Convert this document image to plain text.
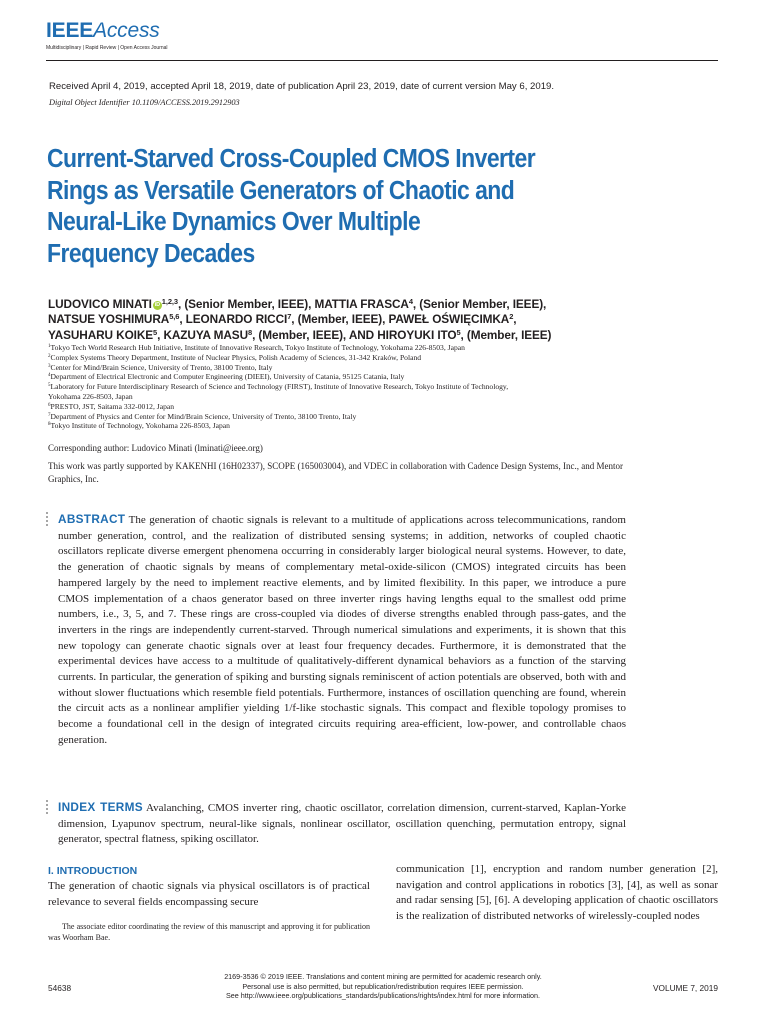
IEEEAccess
Multidisciplinary | Rapid Review | Open Access Journal
Received April 4, 2019, accepted April 18, 2019, date of publication April 23, 2019, date of current version May 6, 2019.
Digital Object Identifier 10.1109/ACCESS.2019.2912903
Current-Starved Cross-Coupled CMOS Inverter
Rings as Versatile Generators of Chaotic and
Neural-Like Dynamics Over Multiple
Frequency Decades
LUDOVICO MINATI iD $^{1,2,3}$, (Senior Member, IEEE), MATTIA FRASCA$^4$, (Senior Member, IEEE),
NATSUE YOSHIMURA$^{5,6}$, LEONARDO RICCI$^7$, (Member, IEEE), PAWEŁ OŚWIĘCIMKA$^2$,
YASUHARU KOIKE$^5$, KAZUYA MASU$^8$, (Member, IEEE), AND HIROYUKI ITO$^5$, (Member, IEEE)
$^1$Tokyo Tech World Research Hub Initiative, Institute of Innovative Research, Tokyo Institute of Technology, Yokohama 226-8503, Japan
$^2$Complex Systems Theory Department, Institute of Nuclear Physics, Polish Academy of Sciences, 31-342 Kraków, Poland
$^3$Center for Mind/Brain Science, University of Trento, 38100 Trento, Italy
$^4$Department of Electrical Electronic and Computer Engineering (DIEEI), University of Catania, 95125 Catania, Italy
$^5$Laboratory for Future Interdisciplinary Research of Science and Technology (FIRST), Institute of Innovative Research, Tokyo Institute of Technology,
Yokohama 226-8503, Japan
$^6$PRESTO, JST, Saitama 332-0012, Japan
$^7$Department of Physics and Center for Mind/Brain Science, University of Trento, 38100 Trento, Italy
$^8$Tokyo Institute of Technology, Yokohama 226-8503, Japan
Corresponding author: Ludovico Minati (lminati@ieee.org)
This work was partly supported by KAKENHI (16H02337), SCOPE (165003004), and VDEC in collaboration with Cadence Design Systems, Inc., and Mentor Graphics, Inc.
ABSTRACT The generation of chaotic signals is relevant to a multitude of applications across telecommunications, random number generation, control, and the realization of distributed sensing systems; in addition, networks of coupled chaotic oscillators replicate diverse emergent phenomena occurring in considerably larger biological neural systems. However, to date, the generation of chaotic signals by means of complementary metal-oxide-silicon (CMOS) integrated circuits has been hampered largely by the need to implement reactive elements, and by limited flexibility. In this paper, we introduce a pure CMOS implementation of a chaos generator based on three inverter rings having lengths equal to the smallest odd prime numbers, i.e., 3, 5, and 7. These rings are cross-coupled via diodes of diverse strengths enabled through pass-gates, and the inverters in the rings are independently current-starved. Through numerical simulations and experiments, it is shown that this new topology can generate chaotic signals over at least four frequency decades. Furthermore, it is demonstrated that the experimental devices have access to a multitude of qualitatively-different dynamical behaviors as a function of the starving currents. In particular, the generation of spiking and bursting signals reminiscent of action potentials are observed, both with and without slower fluctuations which resemble field potentials. Furthermore, instances of oscillation quenching are found, wherein the circuit acts as a nonlinear amplifier yielding 1/f-like stochastic signals. This compact and flexible topology promises to become a foundational cell in the design of integrated circuits requiring area-efficient, low-power, and controllable chaos generation.
INDEX TERMS Avalanching, CMOS inverter ring, chaotic oscillator, correlation dimension, current-starved, Kaplan-Yorke dimension, Lyapunov spectrum, neural-like signals, nonlinear oscillator, oscillation quenching, permutation entropy, signal generator, spectral flatness, spiking oscillator.
I. INTRODUCTION
The generation of chaotic signals via physical oscillators is of practical relevance to several fields encompassing secure
The associate editor coordinating the review of this manuscript and approving it for publication was Woorham Bae.
communication [1], encryption and random number generation [2], navigation and control applications in robotics [3], [4], as well as sonar and radar sensing [5], [6]. A developing application of chaotic oscillators is the realization of distributed networks of wirelessly-coupled nodes
54638
2169-3536 © 2019 IEEE. Translations and content mining are permitted for academic research only.
Personal use is also permitted, but republication/redistribution requires IEEE permission.
See http://www.ieee.org/publications_standards/publications/rights/index.html for more information.
VOLUME 7, 2019
